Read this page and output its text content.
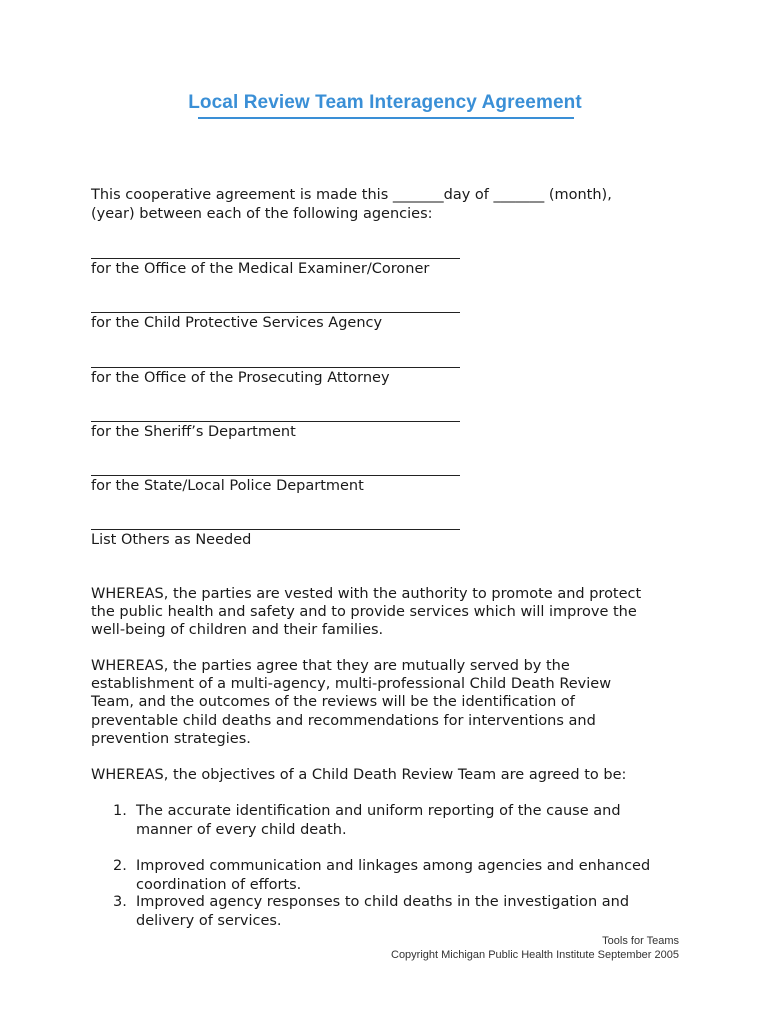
Local Review Team Interagency Agreement
This cooperative agreement is made this _______day of _______ (month),
(year) between each of the following agencies:
for the Office of the Medical Examiner/Coroner
for the Child Protective Services Agency
for the Office of the Prosecuting Attorney
for the Sheriff’s Department
for the State/Local Police Department
List Others as Needed
WHEREAS, the parties are vested with the authority to promote and protect
the public health and safety and to provide services which will improve the
well-being of children and their families.
WHEREAS, the parties agree that they are mutually served by the
establishment of a multi-agency, multi-professional Child Death Review
Team, and the outcomes of the reviews will be the identification of
preventable child deaths and recommendations for interventions and
prevention strategies.
WHEREAS, the objectives of a Child Death Review Team are agreed to be:
1. The accurate identification and uniform reporting of the cause and
manner of every child death.
2. Improved communication and linkages among agencies and enhanced
coordination of efforts.
3. Improved agency responses to child deaths in the investigation and
delivery of services.
Tools for Teams
Copyright Michigan Public Health Institute September 2005
